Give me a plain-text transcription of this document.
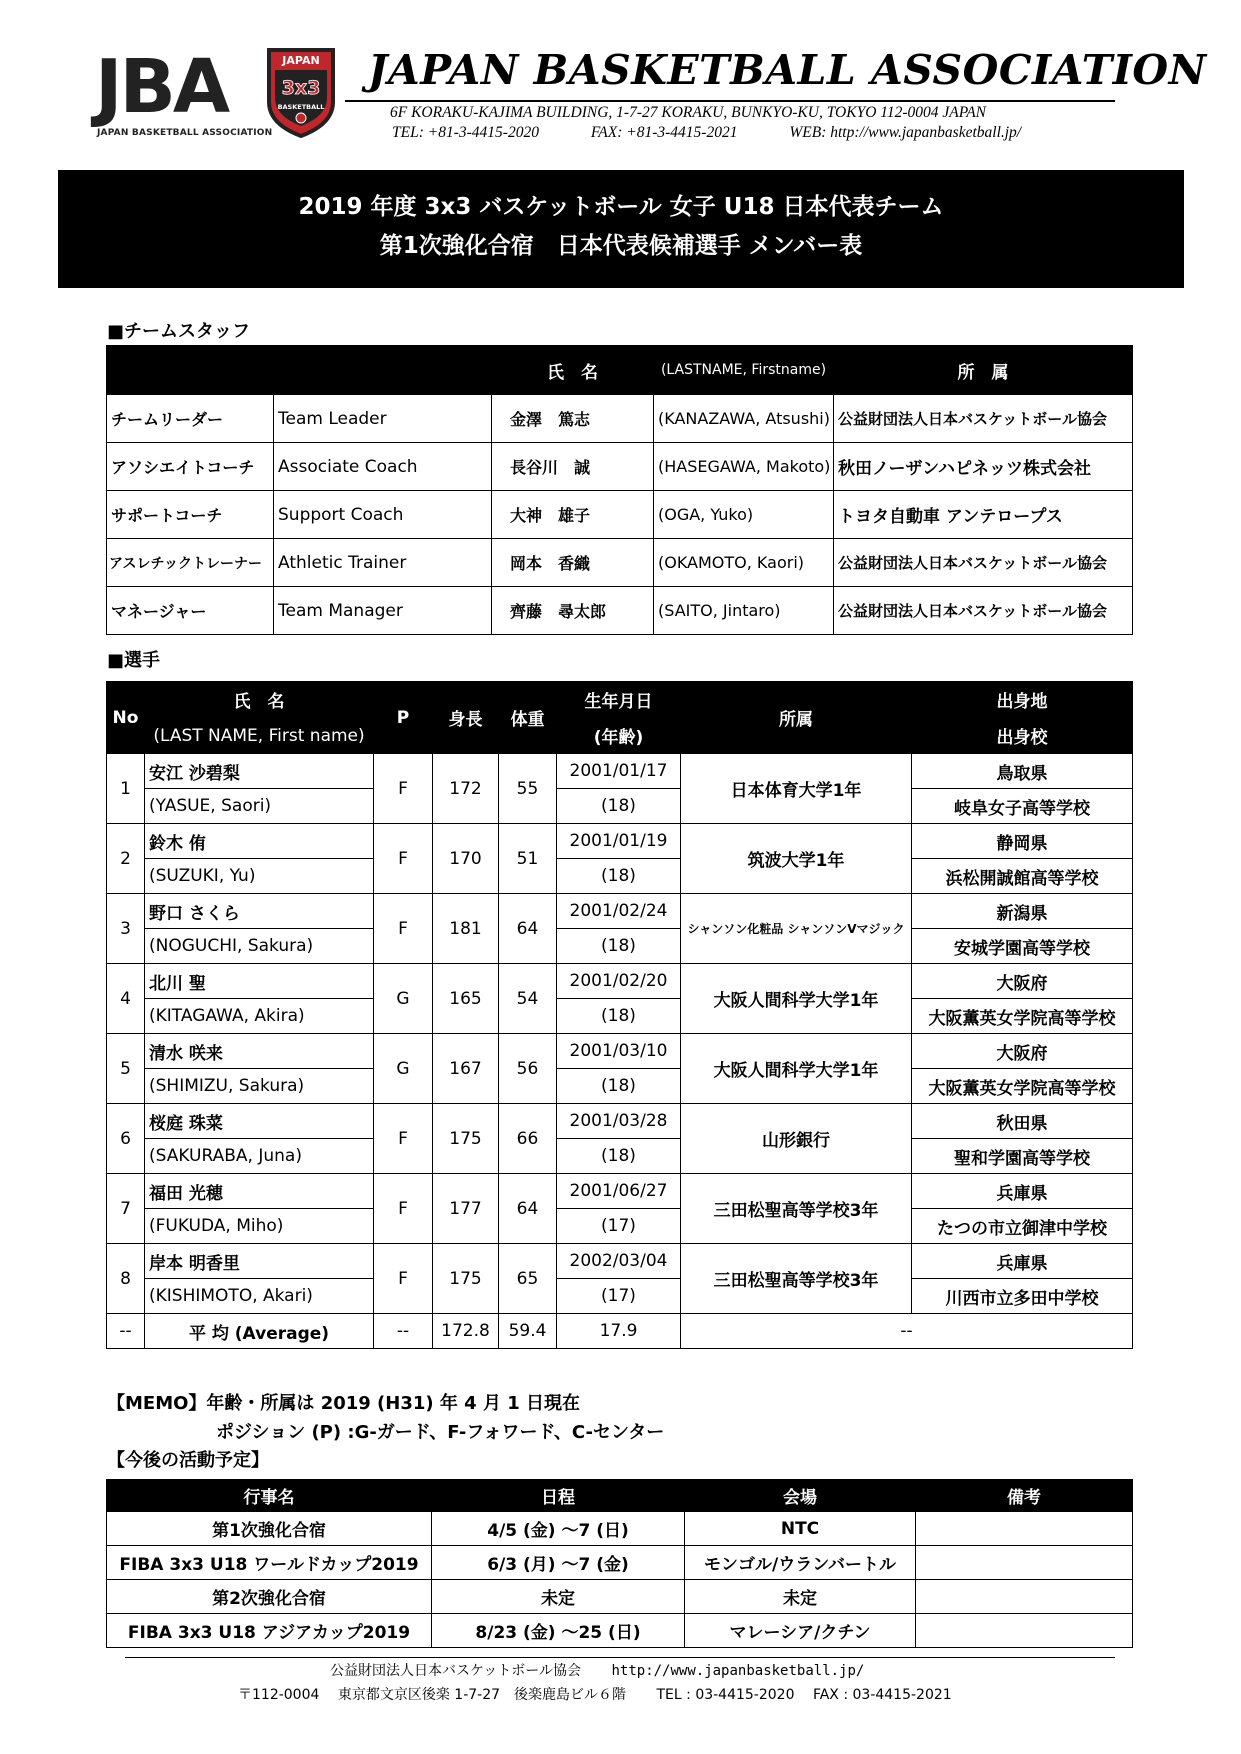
JBA
JAPAN BASKETBALL ASSOCIATION
JAPAN
3x3
BASKETBALL
JAPAN BASKETBALL ASSOCIATION
6F KORAKU-KAJIMA BUILDING, 1-7-27 KORAKU, BUNKYO-KU, TOKYO 112-0004 JAPAN
TEL: +81-3-4415-2020	FAX: +81-3-4415-2021	WEB: http://www.japanbasketball.jp/
2019 年度 3x3 バスケットボール 女子 U18 日本代表チーム
第1次強化合宿　日本代表候補選手 メンバー表
■チームスタッフ
		氏　名	(LASTNAME, Firstname)	所　属
チームリーダー	Team Leader	金澤　篤志	(KANAZAWA, Atsushi)	公益財団法人日本バスケットボール協会
アソシエイトコーチ	Associate Coach	長谷川　誠	(HASEGAWA, Makoto)	秋田ノーザンハピネッツ株式会社
サポートコーチ	Support Coach	大神　雄子	(OGA, Yuko)	トヨタ自動車 アンテロープス
アスレチックトレーナー	Athletic Trainer	岡本　香織	(OKAMOTO, Kaori)	公益財団法人日本バスケットボール協会
マネージャー	Team Manager	齊藤　尋太郎	(SAITO, Jintaro)	公益財団法人日本バスケットボール協会
■選手
No	氏　名	P	身長	体重	生年月日	所属	出身地
	(LAST NAME, First name)				(年齢)		出身校
1	安江 沙碧梨	F	172	55	2001/01/17	日本体育大学1年	鳥取県
	(YASUE, Saori)				(18)		岐阜女子高等学校
2	鈴木 侑	F	170	51	2001/01/19	筑波大学1年	静岡県
	(SUZUKI, Yu)				(18)		浜松開誠館高等学校
3	野口 さくら	F	181	64	2001/02/24	シャンソン化粧品 シャンソンVマジック	新潟県
	(NOGUCHI, Sakura)				(18)		安城学園高等学校
4	北川 聖	G	165	54	2001/02/20	大阪人間科学大学1年	大阪府
	(KITAGAWA, Akira)				(18)		大阪薫英女学院高等学校
5	清水 咲来	G	167	56	2001/03/10	大阪人間科学大学1年	大阪府
	(SHIMIZU, Sakura)				(18)		大阪薫英女学院高等学校
6	桜庭 珠菜	F	175	66	2001/03/28	山形銀行	秋田県
	(SAKURABA, Juna)				(18)		聖和学園高等学校
7	福田 光穂	F	177	64	2001/06/27	三田松聖高等学校3年	兵庫県
	(FUKUDA, Miho)				(17)		たつの市立御津中学校
8	岸本 明香里	F	175	65	2002/03/04	三田松聖高等学校3年	兵庫県
	(KISHIMOTO, Akari)				(17)		川西市立多田中学校
--	平 均 (Average)	--	172.8	59.4	17.9	--	
【MEMO】年齢・所属は 2019 (H31) 年 4 月 1 日現在
ポジション (P) :G-ガード、F-フォワード、C-センター
【今後の活動予定】
行事名	日程	会場	備考
第1次強化合宿	4/5 (金) ～7 (日)	NTC	
FIBA 3x3 U18 ワールドカップ2019	6/3 (月) ～7 (金)	モンゴル/ウランバートル	
第2次強化合宿	未定	未定	
FIBA 3x3 U18 アジアカップ2019	8/23 (金) ～25 (日)	マレーシア/クチン	
公益財団法人日本バスケットボール協会 http://www.japanbasketball.jp/
〒112-0004 東京都文京区後楽 1-7-27　後楽鹿島ビル６階 TEL : 03-4415-2020 FAX : 03-4415-2021
